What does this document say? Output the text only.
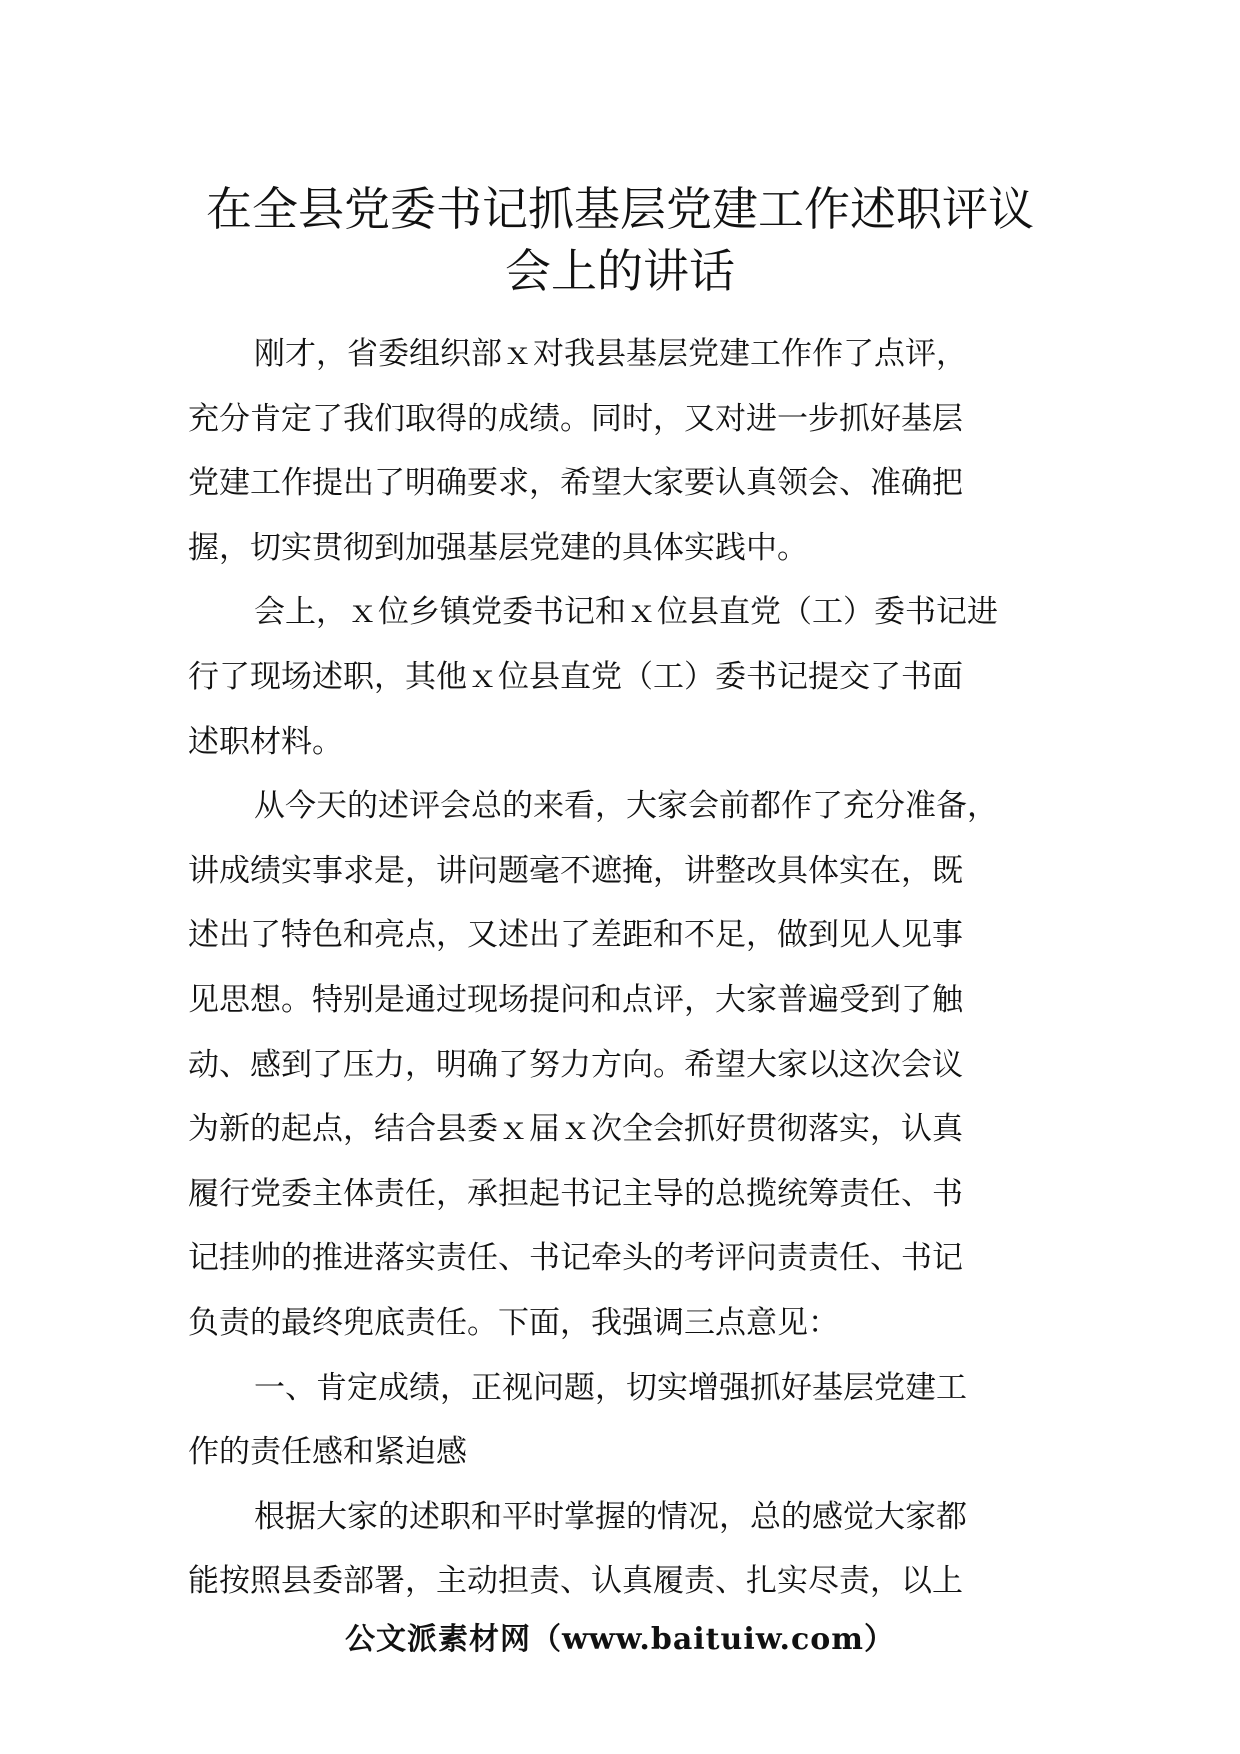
在全县党委书记抓基层党建工作述职评议
会上的讲话

刚才，省委组织部ｘ对我县基层党建工作作了点评，
充分肯定了我们取得的成绩。同时，又对进一步抓好基层
党建工作提出了明确要求，希望大家要认真领会、准确把
握，切实贯彻到加强基层党建的具体实践中。

会上，ｘ位乡镇党委书记和ｘ位县直党（工）委书记进
行了现场述职，其他ｘ位县直党（工）委书记提交了书面
述职材料。

从今天的述评会总的来看，大家会前都作了充分准备，
讲成绩实事求是，讲问题毫不遮掩，讲整改具体实在，既
述出了特色和亮点，又述出了差距和不足，做到见人见事
见思想。特别是通过现场提问和点评，大家普遍受到了触
动、感到了压力，明确了努力方向。希望大家以这次会议
为新的起点，结合县委ｘ届ｘ次全会抓好贯彻落实，认真
履行党委主体责任，承担起书记主导的总揽统筹责任、书
记挂帅的推进落实责任、书记牵头的考评问责责任、书记
负责的最终兜底责任。下面，我强调三点意见：

一、肯定成绩，正视问题，切实增强抓好基层党建工
作的责任感和紧迫感

根据大家的述职和平时掌握的情况，总的感觉大家都
能按照县委部署，主动担责、认真履责、扎实尽责，以上

公文派素材网（www.baituiw.com）
